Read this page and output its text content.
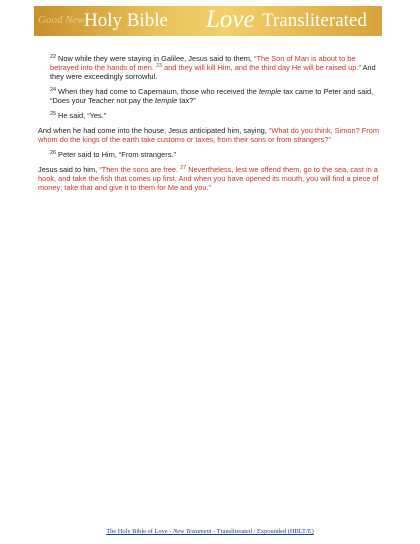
Good News
Holy Bible Love Transliterated

$^{22}$ Now while they were staying in Galilee, Jesus said to them, “The Son of Man is about to be betrayed into the hands of men. $^{23}$ and they will kill Him, and the third day He will be raised up.” And they were exceedingly sorrowful.

$^{24}$ When they had come to Capernaum, those who received the temple tax came to Peter and said, “Does your Teacher not pay the temple tax?”

$^{25}$ He said, “Yes.”

And when he had come into the house, Jesus anticipated him, saying, “What do you think, Simon? From whom do the kings of the earth take customs or taxes, from their sons or from strangers?”

$^{26}$ Peter said to Him, “From strangers.”

Jesus said to him, “Then the sons are free. $^{27}$ Nevertheless, lest we offend them, go to the sea, cast in a hook, and take the fish that comes up first. And when you have opened its mouth, you will find a piece of money; take that and give it to them for Me and you.”

The Holy Bible of Love - New Testament - Transliterated / Expounded (HBLT/E)
